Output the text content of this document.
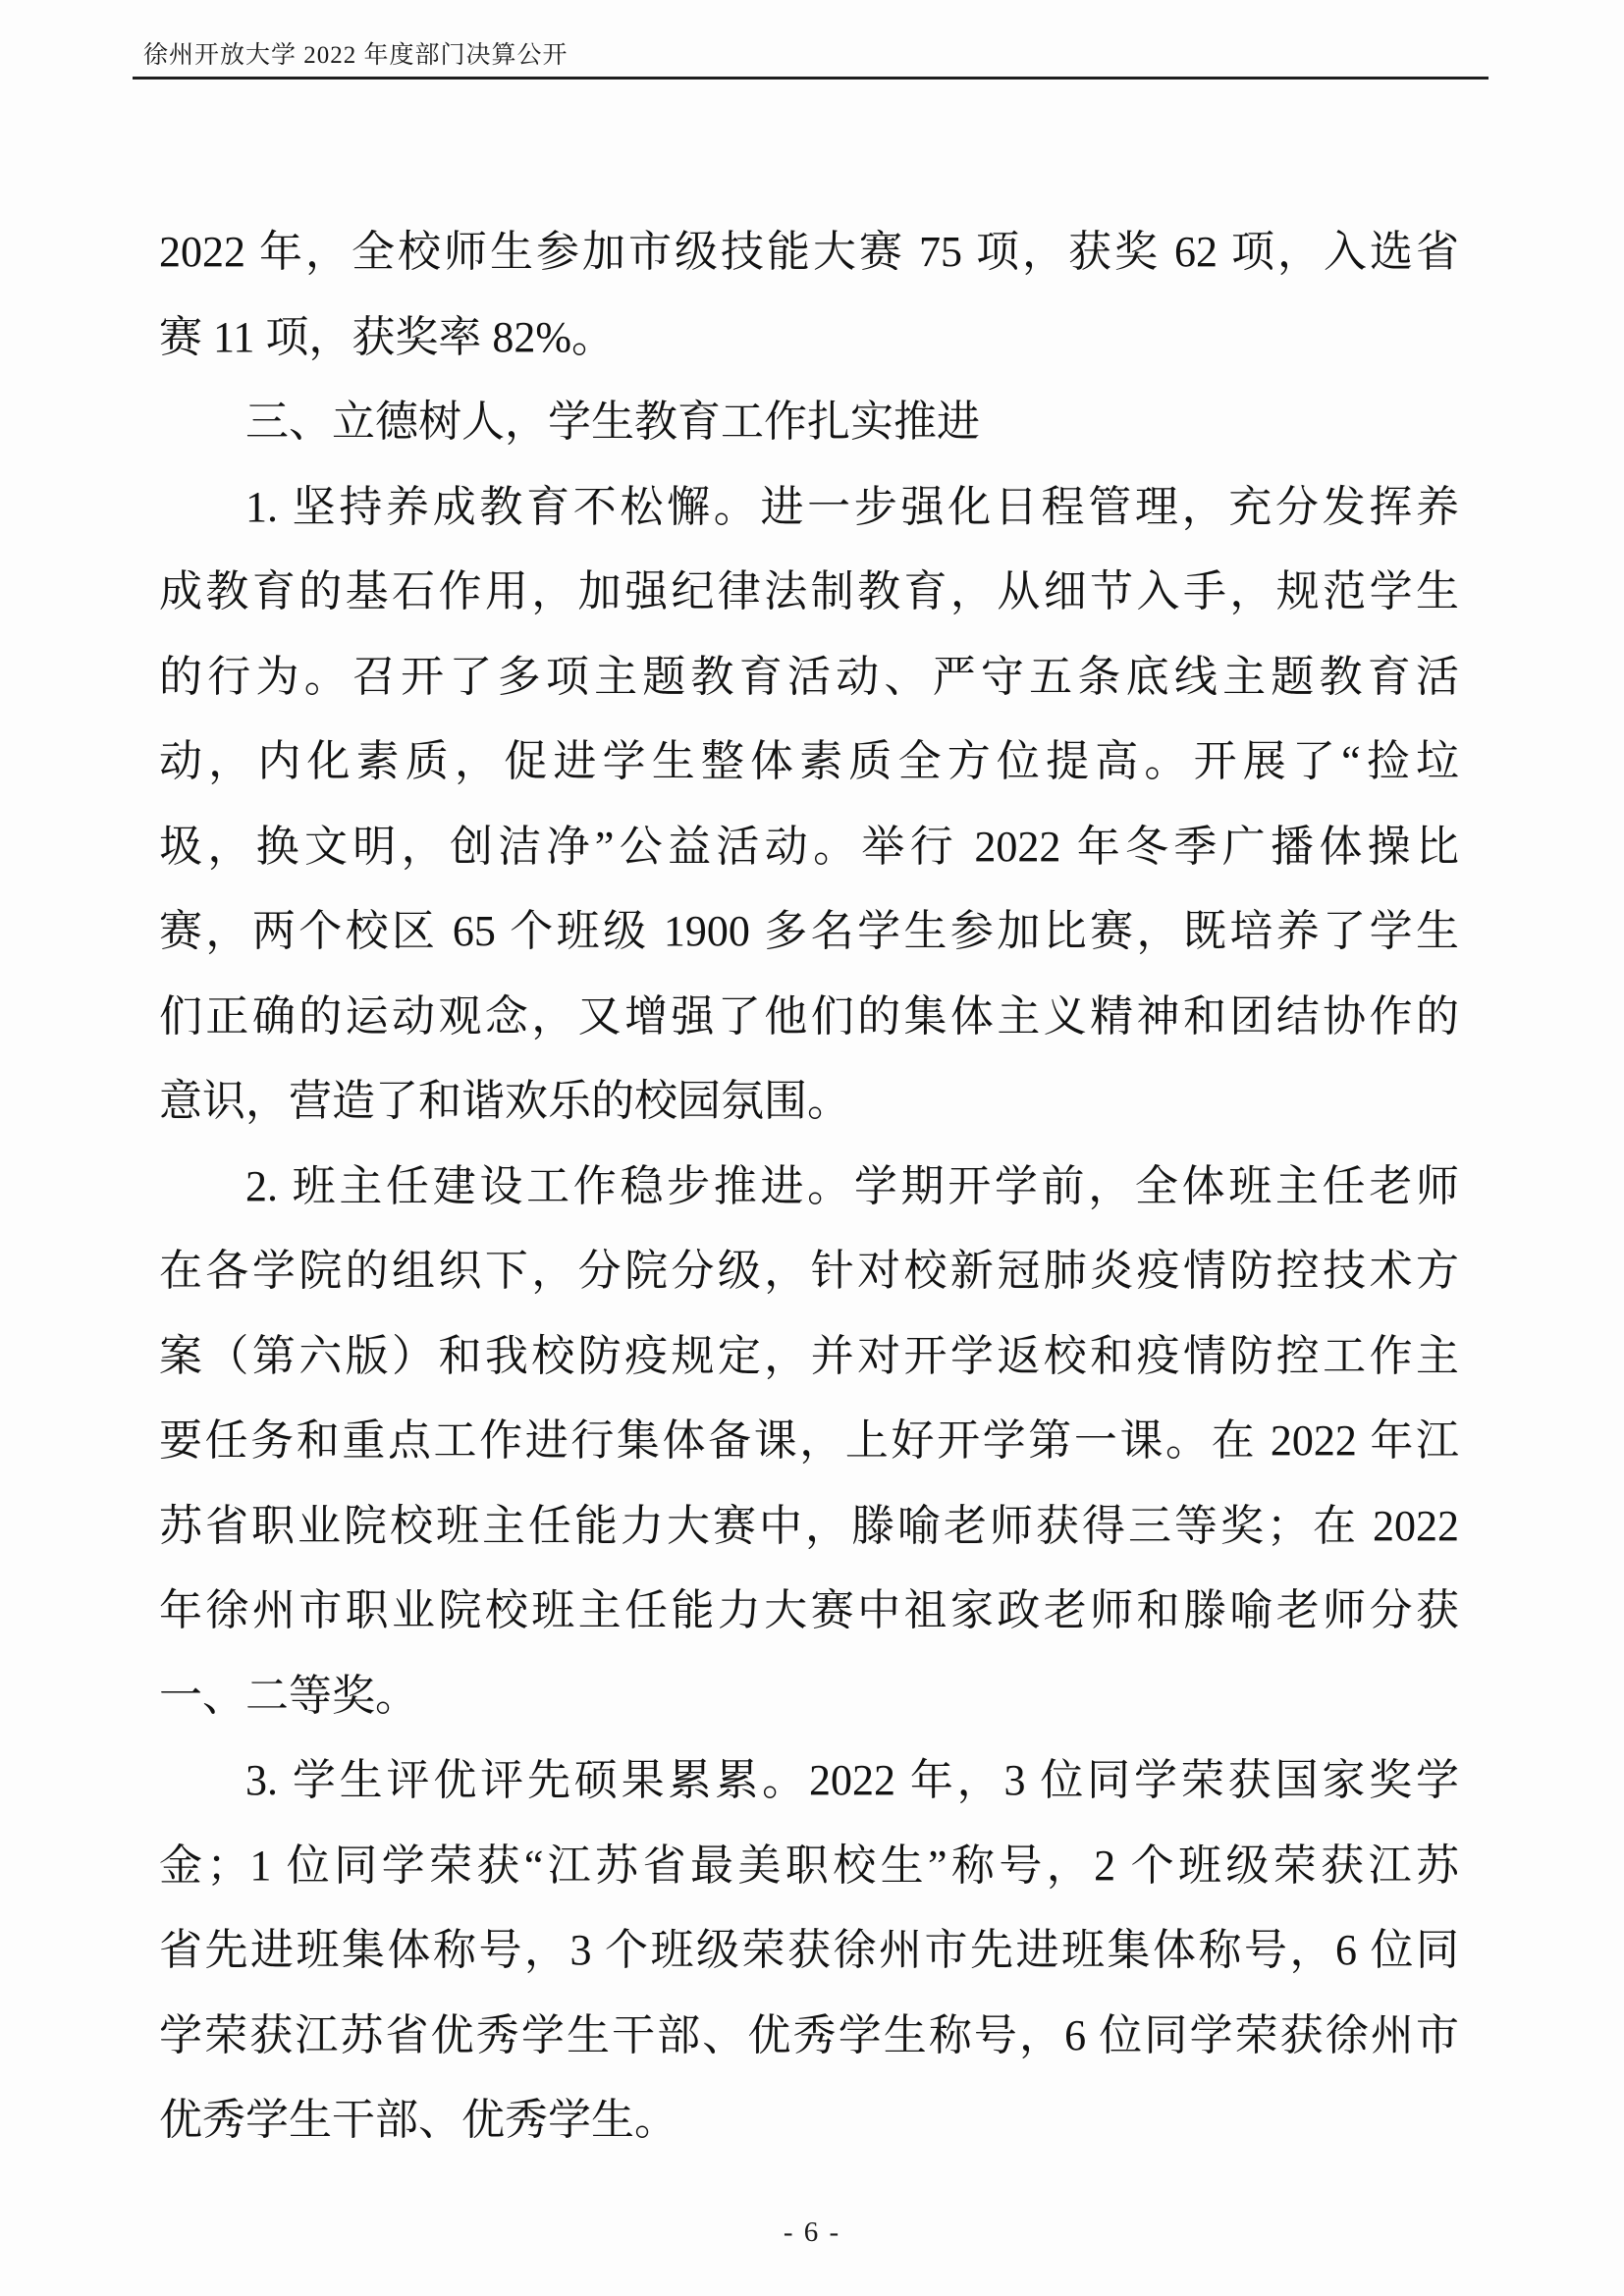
徐州开放大学 2022 年度部门决算公开
2022 年，全校师生参加市级技能大赛 75 项，获奖 62 项，入选省
赛 11 项，获奖率 82%。
三、立德树人，学生教育工作扎实推进
1. 坚持养成教育不松懈。进一步强化日程管理，充分发挥养
成教育的基石作用，加强纪律法制教育，从细节入手，规范学生
的行为。召开了多项主题教育活动、严守五条底线主题教育活
动，内化素质，促进学生整体素质全方位提高。开展了“捡垃
圾，换文明，创洁净”公益活动。举行 2022 年冬季广播体操比
赛，两个校区 65 个班级 1900 多名学生参加比赛，既培养了学生
们正确的运动观念，又增强了他们的集体主义精神和团结协作的
意识，营造了和谐欢乐的校园氛围。
2. 班主任建设工作稳步推进。学期开学前，全体班主任老师
在各学院的组织下，分院分级，针对校新冠肺炎疫情防控技术方
案（第六版）和我校防疫规定，并对开学返校和疫情防控工作主
要任务和重点工作进行集体备课，上好开学第一课。在 2022 年江
苏省职业院校班主任能力大赛中，滕喻老师获得三等奖；在 2022
年徐州市职业院校班主任能力大赛中祖家政老师和滕喻老师分获
一、二等奖。
3. 学生评优评先硕果累累。2022 年，3 位同学荣获国家奖学
金；1 位同学荣获“江苏省最美职校生”称号，2 个班级荣获江苏
省先进班集体称号，3 个班级荣获徐州市先进班集体称号，6 位同
学荣获江苏省优秀学生干部、优秀学生称号，6 位同学荣获徐州市
优秀学生干部、优秀学生。
- 6 -
